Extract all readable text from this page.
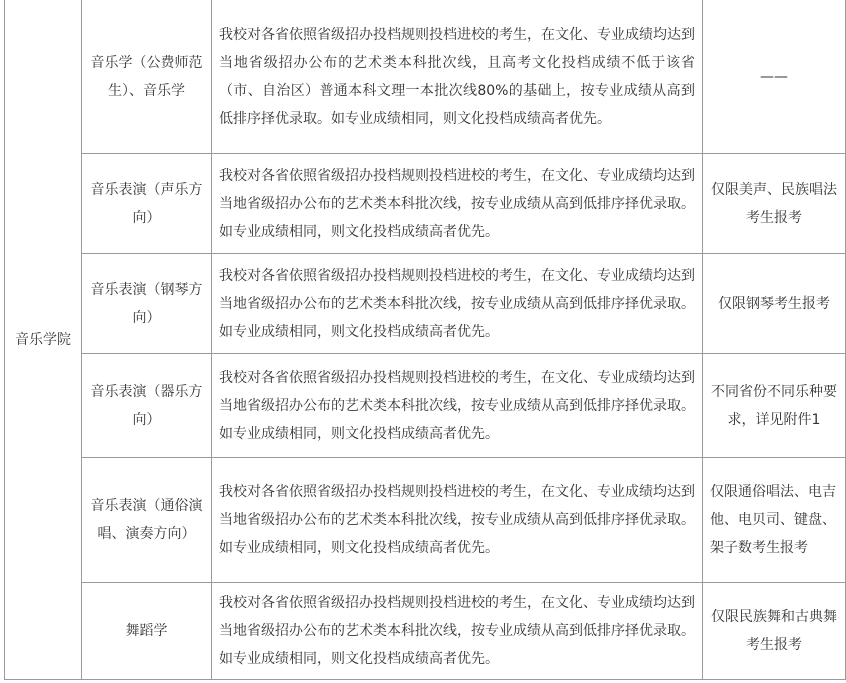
音乐学院	音乐学（公费师范生）、音乐学	我校对各省依照省级招办投档规则投档进校的考生，在文化、专业成绩均达到当地省级招办公布的艺术类本科批次线，且高考文化投档成绩不低于该省（市、自治区）普通本科文理一本批次线80%的基础上，按专业成绩从高到低排序择优录取。如专业成绩相同，则文化投档成绩高者优先。	——
	音乐表演（声乐方向）	我校对各省依照省级招办投档规则投档进校的考生，在文化、专业成绩均达到当地省级招办公布的艺术类本科批次线，按专业成绩从高到低排序择优录取。如专业成绩相同，则文化投档成绩高者优先。	仅限美声、民族唱法考生报考
	音乐表演（钢琴方向）	我校对各省依照省级招办投档规则投档进校的考生，在文化、专业成绩均达到当地省级招办公布的艺术类本科批次线，按专业成绩从高到低排序择优录取。如专业成绩相同，则文化投档成绩高者优先。	仅限钢琴考生报考
	音乐表演（器乐方向）	我校对各省依照省级招办投档规则投档进校的考生，在文化、专业成绩均达到当地省级招办公布的艺术类本科批次线，按专业成绩从高到低排序择优录取。如专业成绩相同，则文化投档成绩高者优先。	不同省份不同乐种要求，详见附件1
	音乐表演（通俗演唱、演奏方向）	我校对各省依照省级招办投档规则投档进校的考生，在文化、专业成绩均达到当地省级招办公布的艺术类本科批次线，按专业成绩从高到低排序择优录取。如专业成绩相同，则文化投档成绩高者优先。	仅限通俗唱法、电吉他、电贝司、键盘、架子数考生报考
	舞蹈学	我校对各省依照省级招办投档规则投档进校的考生，在文化、专业成绩均达到当地省级招办公布的艺术类本科批次线，按专业成绩从高到低排序择优录取。如专业成绩相同，则文化投档成绩高者优先。	仅限民族舞和古典舞考生报考
